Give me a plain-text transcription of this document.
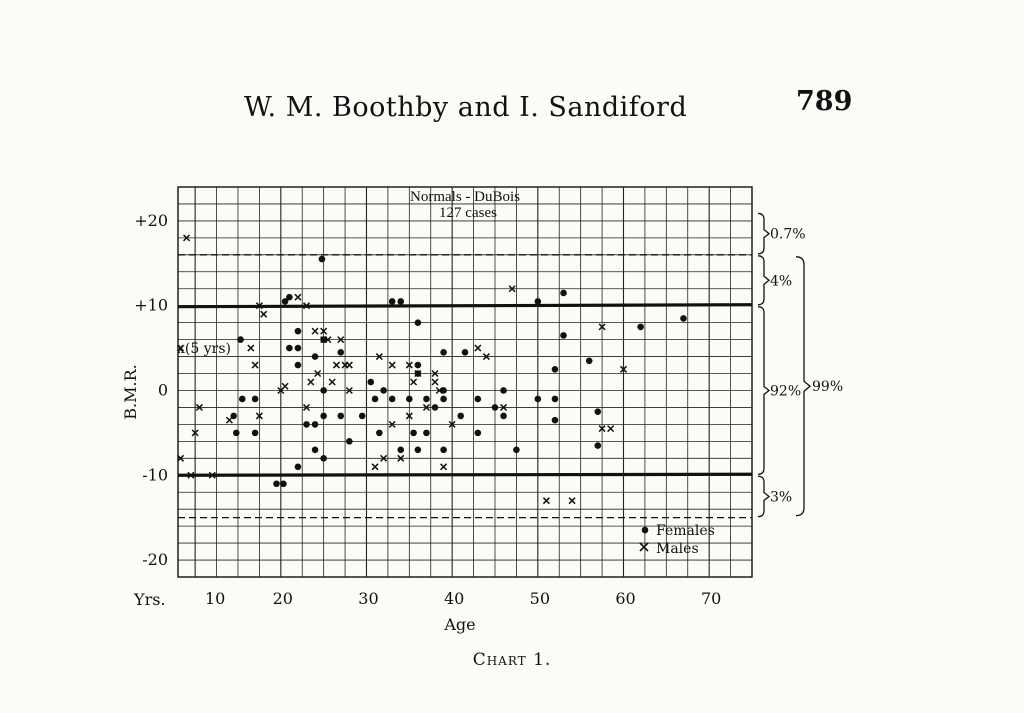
W. M. Boothby and I. Sandiford	789
0.7%
4%
92%
3%
99%
+20
+10
0
-10
-20
10	20	30	40	50	60	70
Normals - DuBois
127 cases
x(5 yrs)
B.M.R.
Age
Yrs.
Females
Males
Chart 1.
